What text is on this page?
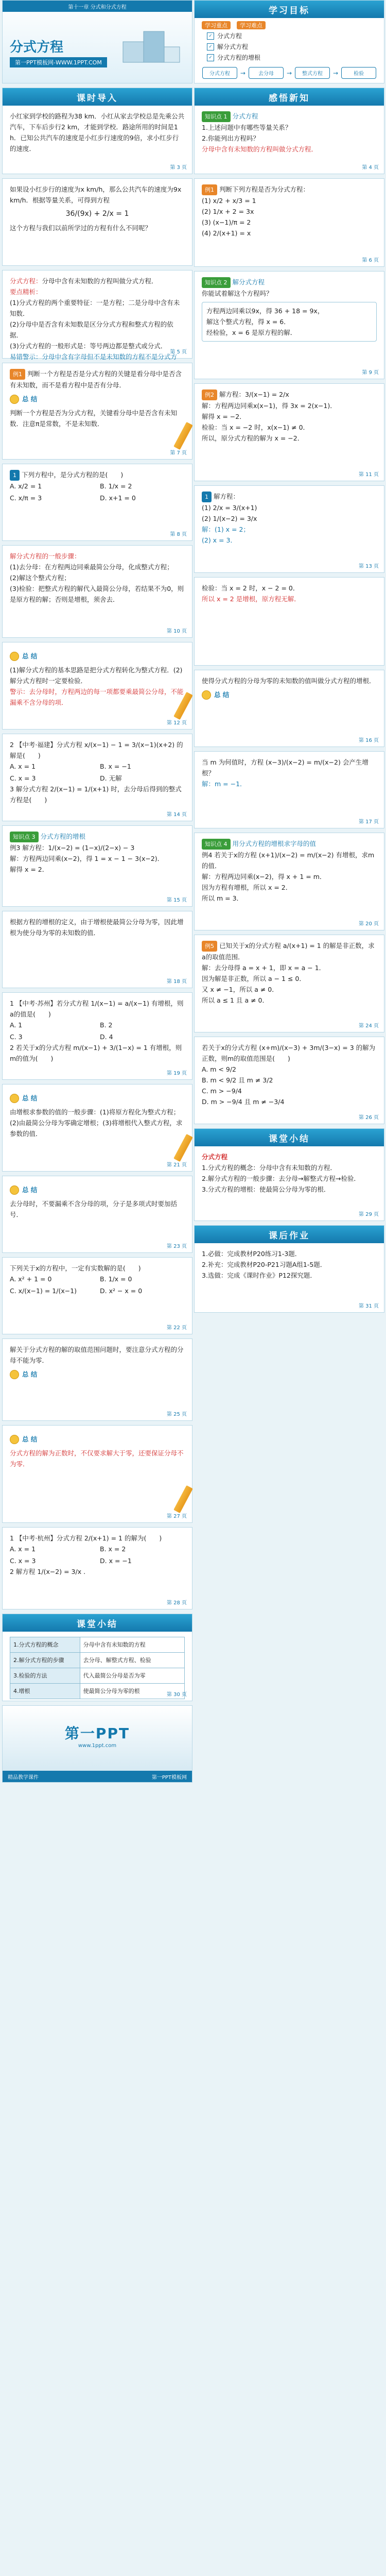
第十一章 分式和分式方程
分式方程
第一PPT模板网-WWW.1PPT.COM
课时导入
小红家到学校的路程为38 km．小红从家去学校总是先乘公共汽车，下车后步行2 km，才能到学校．路途所用的时间是1 h．已知公共汽车的速度是小红步行速度的9倍，求小红步行的速度．
第 3 页
如果设小红步行的速度为x km/h，那么公共汽车的速度为9x km/h．根据等量关系，可得到方程
36/(9x) + 2/x = 1
这个方程与我们以前所学过的方程有什么不同呢？
分式方程：分母中含有未知数的方程叫做分式方程．
要点精析：
(1)分式方程的两个重要特征：一是方程；二是分母中含有未知数．
(2)分母中是否含有未知数是区分分式方程和整式方程的依据．
(3)分式方程的一般形式是：等号两边都是整式或分式．
易错警示：分母中含有字母但不是未知数的方程不是分式方
第 5 页
例1 判断一个方程是否是分式方程的关键是看分母中是否含有未知数，而不是看方程中是否有分母．
总 结
判断一个方程是否为分式方程，关键看分母中是否含有未知数．注意π是常数，不是未知数．
第 7 页
1 下列方程中，是分式方程的是(　　)
A. x/2 = 1	B. 1/x = 2
C. x/π = 3	D. x+1 = 0
第 8 页
解分式方程的一般步骤：
(1)去分母：在方程两边同乘最简公分母，化成整式方程；
(2)解这个整式方程；
(3)检验：把整式方程的解代入最简公分母，若结果不为0，则是原方程的解；否则是增根，须舍去．
第 10 页
总 结
(1)解分式方程的基本思路是把分式方程转化为整式方程．(2)解分式方程时一定要检验．
警示：去分母时，方程两边的每一项都要乘最简公分母，不能漏乘不含分母的项．
第 12 页
2 【中考·福建】分式方程 x/(x−1) − 1 = 3/(x−1)(x+2) 的解是(　　)
A. x = 1	B. x = −1
C. x = 3	D. 无解
3 解分式方程 2/(x−1) = 1/(x+1) 时，去分母后得到的整式方程是(　　)
第 14 页
知识点 3 分式方程的增根
例3 解方程：1/(x−2) = (1−x)/(2−x) − 3
解：方程两边同乘(x−2)，得 1 = x − 1 − 3(x−2)．
解得 x = 2．
第 15 页
根据方程的增根的定义，由于增根使最简公分母为零，因此增根为使分母为零的未知数的值．
第 18 页
1 【中考·苏州】若分式方程 1/(x−1) = a/(x−1) 有增根，则a的值是(　　)
A. 1	B. 2
C. 3	D. 4
2 若关于x的分式方程 m/(x−1) + 3/(1−x) = 1 有增根，则m的值为(　　)
第 19 页
总 结
由增根求参数的值的一般步骤：(1)将原方程化为整式方程；(2)由最简公分母为零确定增根；(3)将增根代入整式方程，求参数的值．
第 21 页
总 结
去分母时，不要漏乘不含分母的项，分子是多项式时要加括号．
第 23 页
下列关于x的方程中，一定有实数解的是(　　)
A. x² + 1 = 0	B. 1/x = 0
C. x/(x−1) = 1/(x−1)	D. x² − x = 0
第 22 页
解关于分式方程的解的取值范围问题时，要注意分式方程的分母不能为零．
总 结
第 25 页
总 结
分式方程的解为正数时，不仅要求解大于零，还要保证分母不为零．
第 27 页
1 【中考·杭州】分式方程 2/(x+1) = 1 的解为(　　)
A. x = 1	B. x = 2
C. x = 3	D. x = −1
2 解方程 1/(x−2) = 3/x .
第 28 页
课堂小结
1.分式方程的概念	分母中含有未知数的方程
2.解分式方程的步骤	去分母、解整式方程、检验
3.检验的方法	代入最简公分母是否为零
4.增根	使最简公分母为零的根
第 30 页
第一PPT
www.1ppt.com
精品教学课件	第一PPT模板网
学习目标
学习重点	学习难点
✓ 分式方程
✓ 解分式方程
✓ 分式方程的增根
分式方程	→	去分母	→	整式方程	→	检验
感悟新知
知识点 1 分式方程
1.上述问题中有哪些等量关系？
2.你能列出方程吗？
分母中含有未知数的方程叫做分式方程．
第 4 页
例1 判断下列方程是否为分式方程：
(1) x/2 + x/3 = 1
(2) 1/x + 2 = 3x
(3) (x−1)/π = 2
(4) 2/(x+1) = x
第 6 页
知识点 2 解分式方程
你能试着解这个方程吗？
方程两边同乘以9x，得 36 + 18 = 9x，
解这个整式方程，得 x = 6．
经检验，x = 6 是原方程的解．
第 9 页
例2 解方程：3/(x−1) = 2/x
解：方程两边同乘x(x−1)，得 3x = 2(x−1)．
解得 x = −2．
检验：当 x = −2 时，x(x−1) ≠ 0．
所以，原分式方程的解为 x = −2．
第 11 页
1 解方程：
(1) 2/x = 3/(x+1)
(2) 1/(x−2) = 3/x
解：(1) x = 2；
(2) x = 3．
第 13 页
检验：当 x = 2 时，x − 2 = 0．
所以 x = 2 是增根，原方程无解．
使得分式方程的分母为零的未知数的值叫做分式方程的增根．
总 结
第 16 页
当 m 为何值时，方程 (x−3)/(x−2) = m/(x−2) 会产生增根？
解：m = −1．
第 17 页
知识点 4 用分式方程的增根求字母的值
例4 若关于x的方程 (x+1)/(x−2) = m/(x−2) 有增根，求m的值．
解：方程两边同乘(x−2)，得 x + 1 = m．
因为方程有增根，所以 x = 2．
所以 m = 3．
第 20 页
例5 已知关于x的分式方程 a/(x+1) = 1 的解是非正数，求a的取值范围．
解：去分母得 a = x + 1，即 x = a − 1．
因为解是非正数，所以 a − 1 ≤ 0．
又 x ≠ −1，所以 a ≠ 0．
所以 a ≤ 1 且 a ≠ 0．
第 24 页
若关于x的分式方程 (x+m)/(x−3) + 3m/(3−x) = 3 的解为正数，则m的取值范围是(　　)
A. m < 9/2
B. m < 9/2 且 m ≠ 3/2
C. m > −9/4
D. m > −9/4 且 m ≠ −3/4
第 26 页
课堂小结
分式方程
1.分式方程的概念：分母中含有未知数的方程．
2.解分式方程的一般步骤：去分母→解整式方程→检验．
3.分式方程的增根：使最简公分母为零的根．
第 29 页
课后作业
1.必做：完成教材P20练习1-3题．
2.补充：完成教材P20-P21习题A组1-5题．
3.选做：完成《课时作业》P12探究题．
第 31 页
